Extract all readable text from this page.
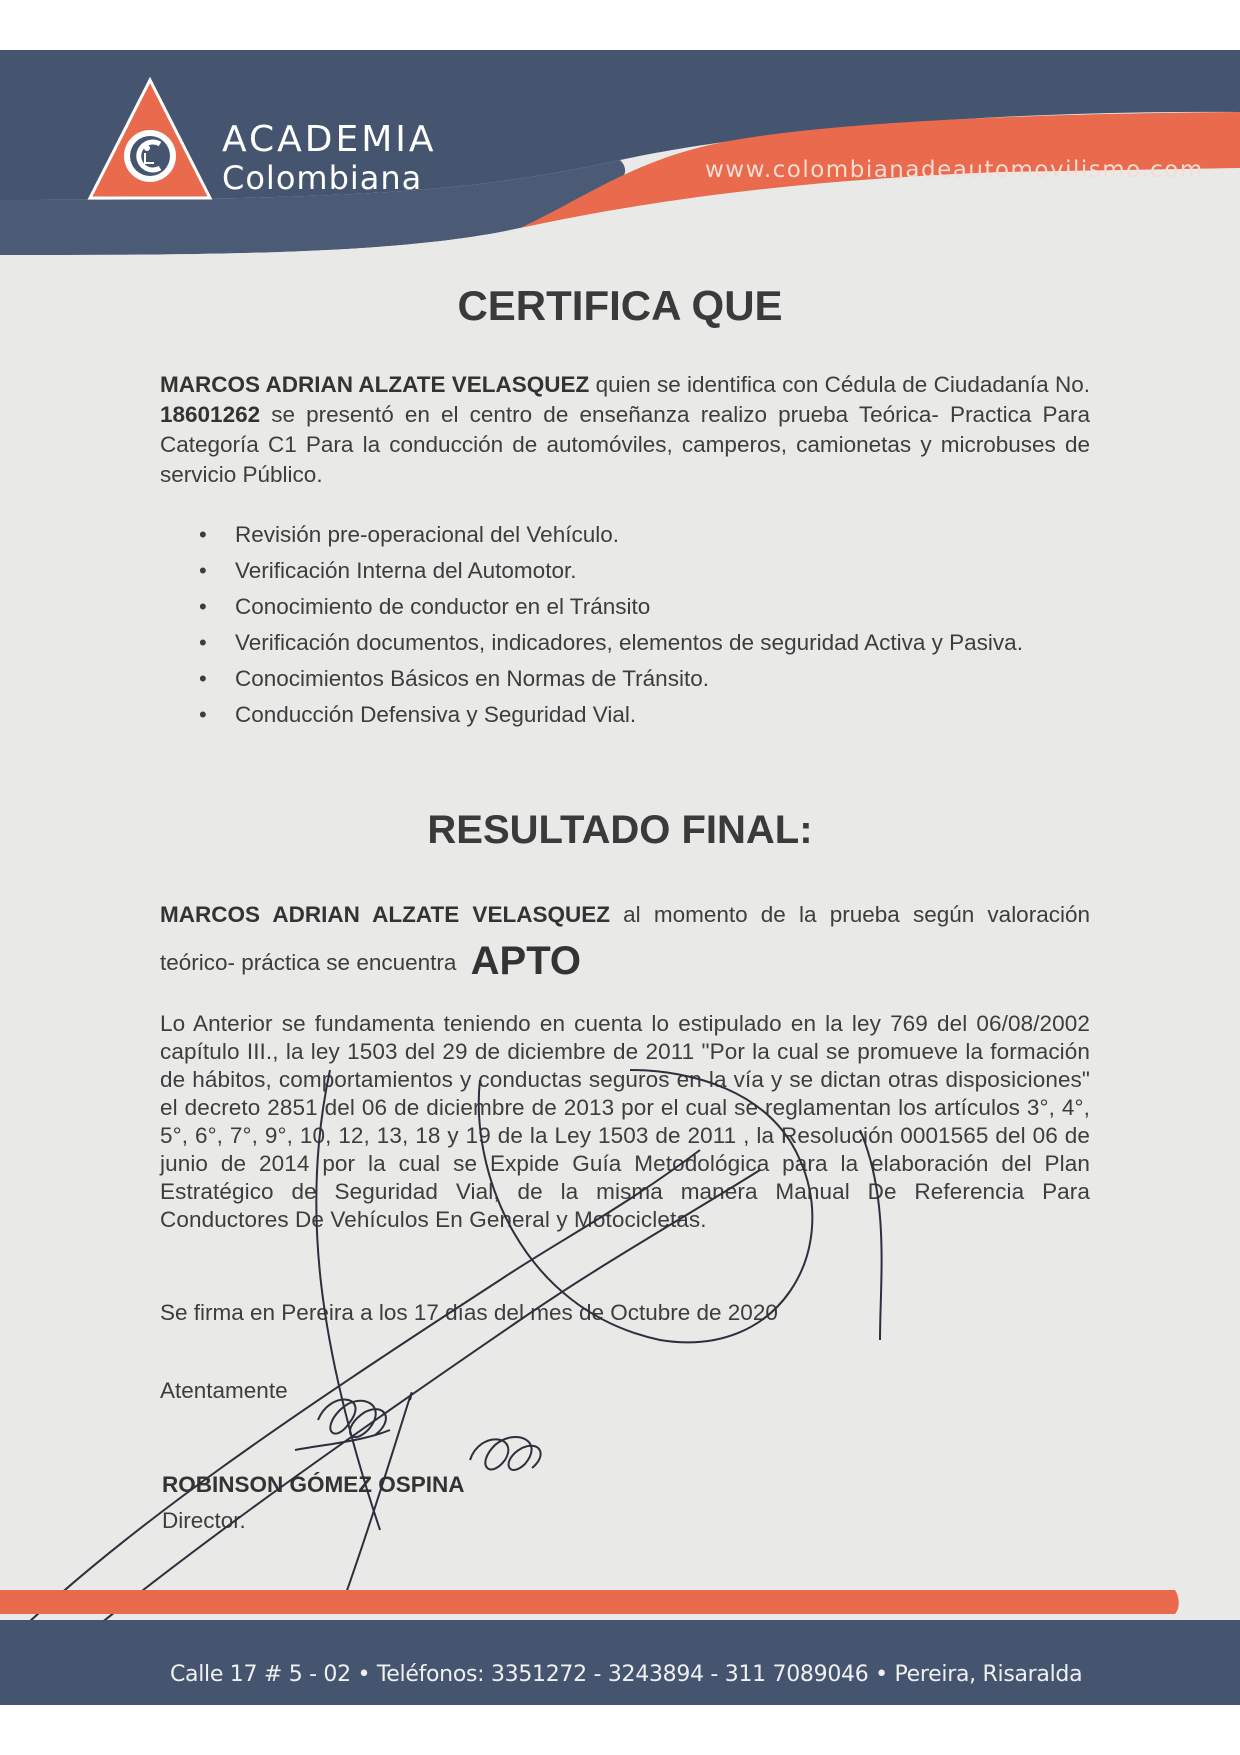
ACADEMIA
Colombiana	www.colombianadeautomovilismo.com
CERTIFICA QUE

MARCOS ADRIAN ALZATE VELASQUEZ quien se identifica con Cédula de Ciudadanía No. 18601262 se presentó en el centro de enseñanza realizo prueba Teórica- Practica Para Categoría C1 Para la conducción de automóviles, camperos, camionetas y microbuses de servicio Público.

• Revisión pre-operacional del Vehículo.
• Verificación Interna del Automotor.
• Conocimiento de conductor en el Tránsito
• Verificación documentos, indicadores, elementos de seguridad Activa y Pasiva.
• Conocimientos Básicos en Normas de Tránsito.
• Conducción Defensiva y Seguridad Vial.
RESULTADO FINAL:

MARCOS ADRIAN ALZATE VELASQUEZ al momento de la prueba según valoración teórico- práctica se encuentra APTO

Lo Anterior se fundamenta teniendo en cuenta lo estipulado en la ley 769 del 06/08/2002 capítulo III., la ley 1503 del 29 de diciembre de 2011 "Por la cual se promueve la formación de hábitos, comportamientos y conductas seguros en la vía y se dictan otras disposiciones" el decreto 2851 del 06 de diciembre de 2013 por el cual se reglamentan los artículos 3°, 4°, 5°, 6°, 7°, 9°, 10, 12, 13, 18 y 19 de la Ley 1503 de 2011 , la Resolución 0001565 del 06 de junio de 2014 por la cual se Expide Guía Metodológica para la elaboración del Plan Estratégico de Seguridad Vial, de la misma manera Manual De Referencia Para Conductores De Vehículos En General y Motocicletas.

Se firma en Pereira a los 17 días del mes de Octubre de 2020

Atentamente

ROBINSON GÓMEZ OSPINA
Director.
Calle 17 # 5 - 02 • Teléfonos: 3351272 - 3243894 - 311 7089046 • Pereira, Risaralda
